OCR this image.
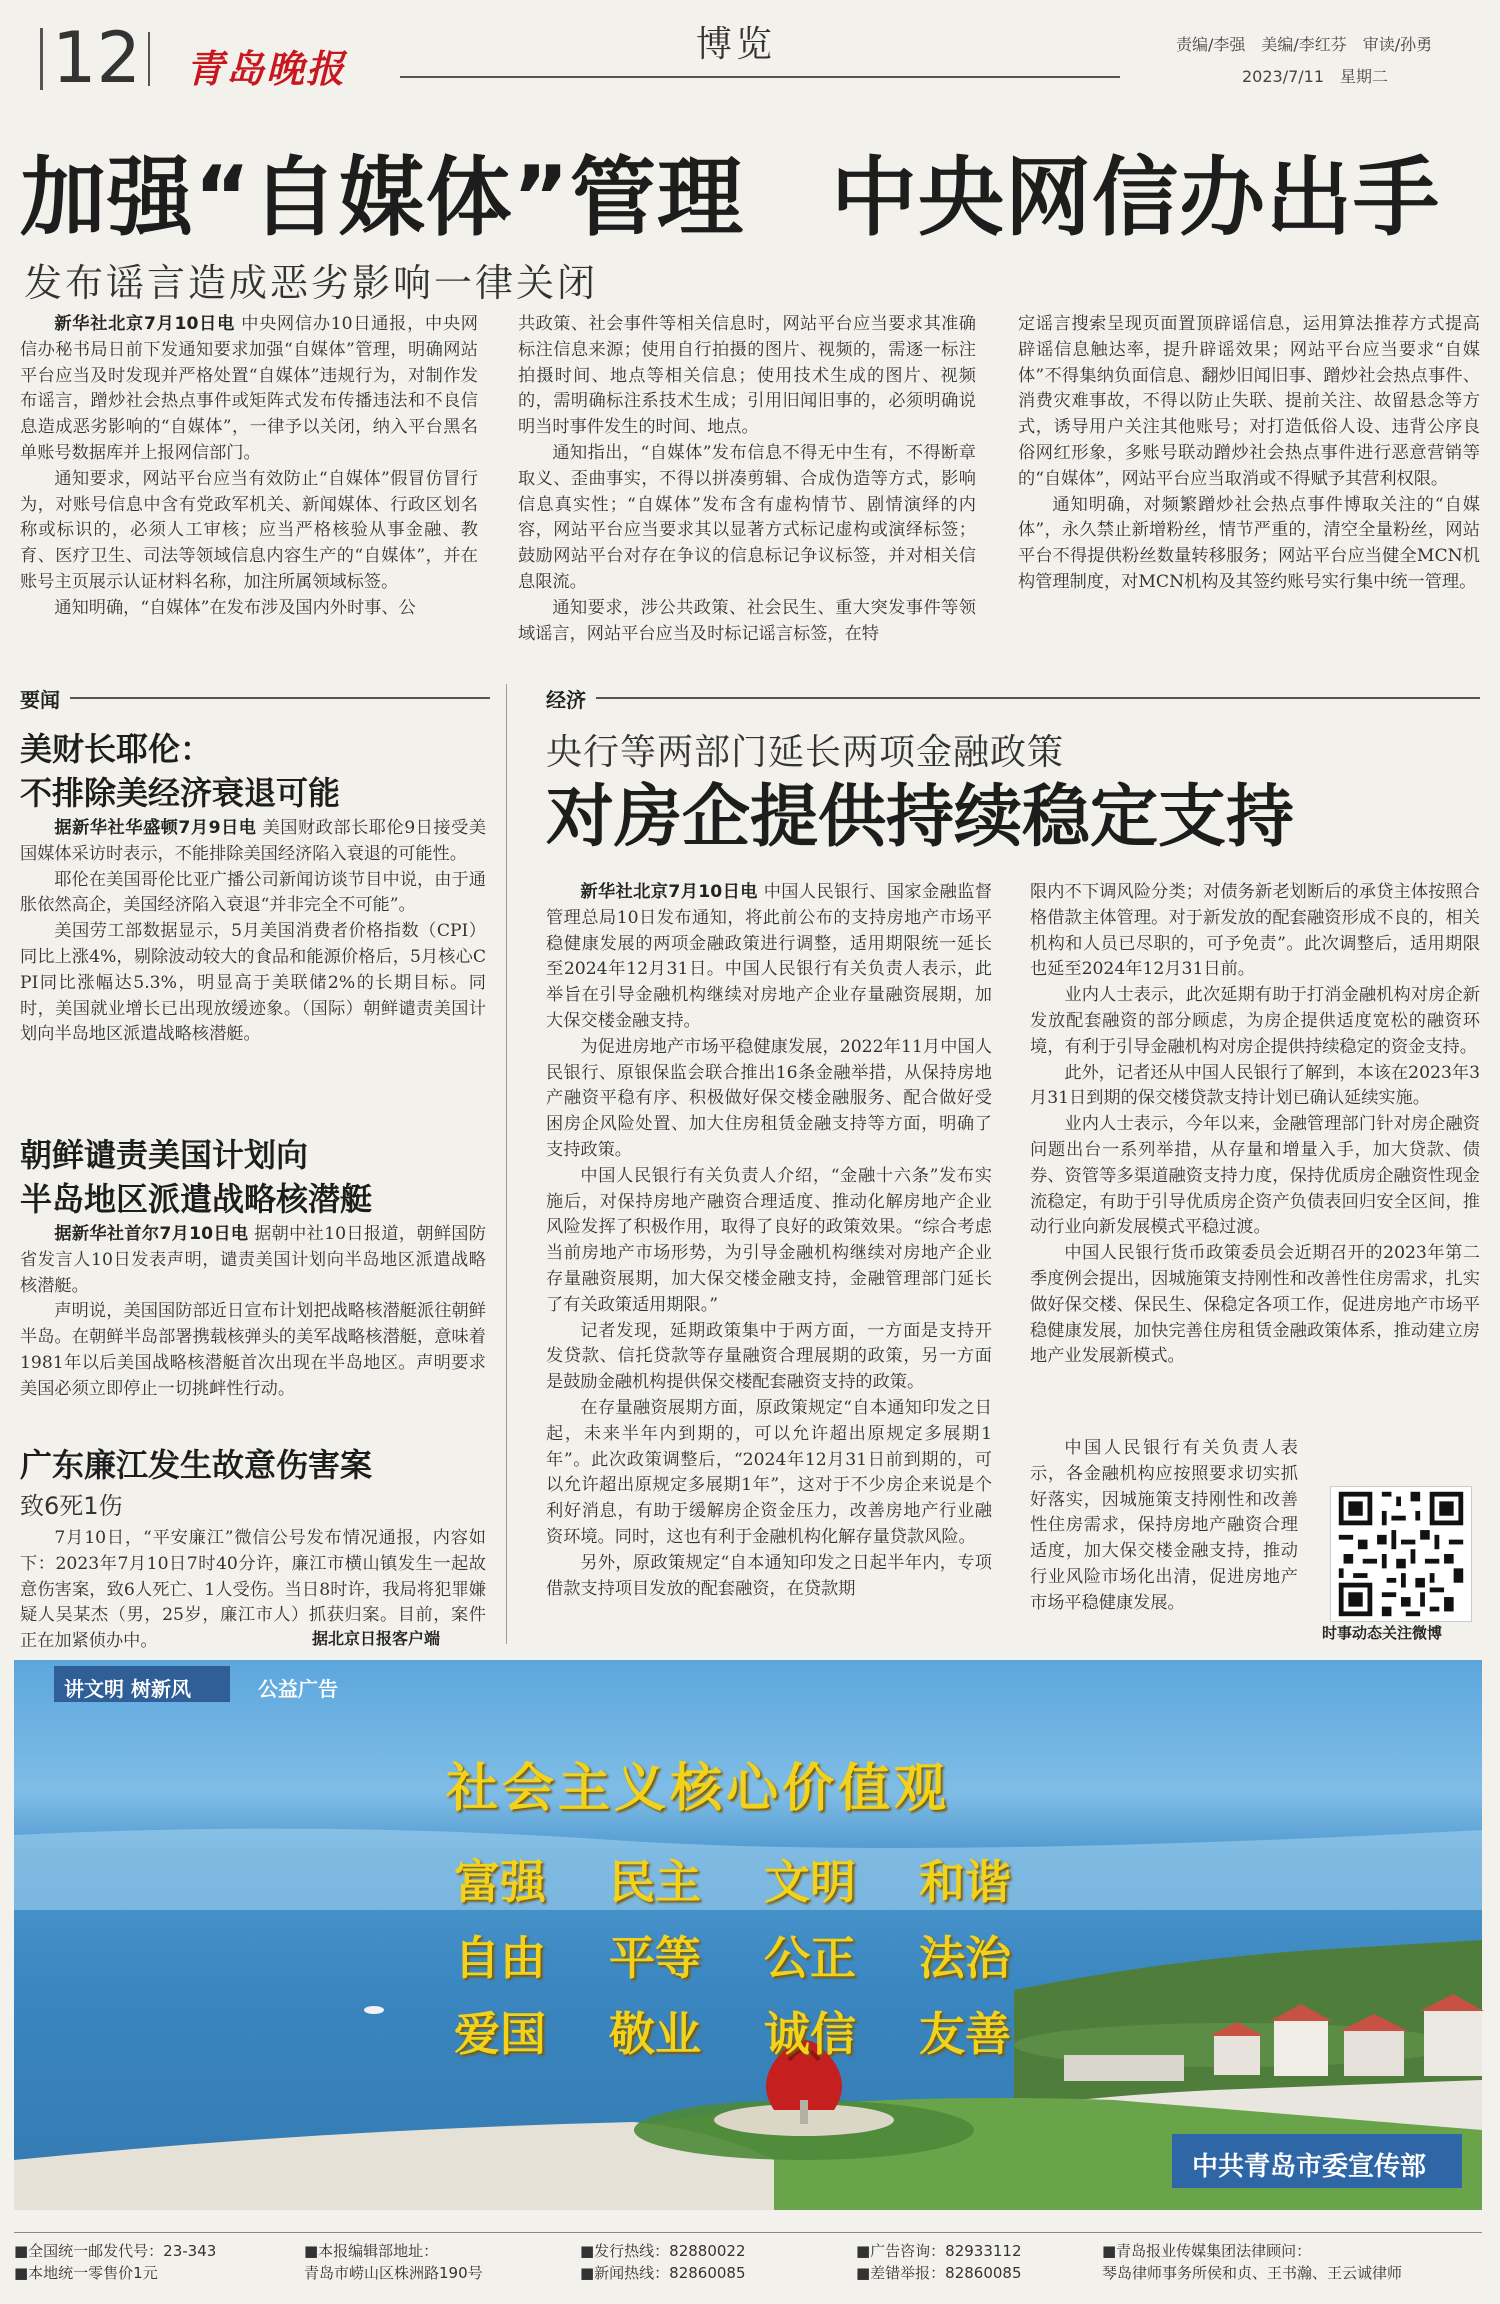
12 青岛晚报
博览	责编/李强　美编/李红芬　审读/孙勇
2023/7/11　星期二
加强“自媒体”管理　中央网信办出手
发布谣言造成恶劣影响一律关闭

新华社北京7月10日电 中央网信办10日通报，中央网信办秘书局日前下发通知要求加强“自媒体”管理，明确网站平台应当及时发现并严格处置“自媒体”违规行为，对制作发布谣言，蹭炒社会热点事件或矩阵式发布传播违法和不良信息造成恶劣影响的“自媒体”，一律予以关闭，纳入平台黑名单账号数据库并上报网信部门。

通知要求，网站平台应当有效防止“自媒体”假冒仿冒行为，对账号信息中含有党政军机关、新闻媒体、行政区划名称或标识的，必须人工审核；应当严格核验从事金融、教育、医疗卫生、司法等领域信息内容生产的“自媒体”，并在账号主页展示认证材料名称，加注所属领域标签。

通知明确，“自媒体”在发布涉及国内外时事、公

共政策、社会事件等相关信息时，网站平台应当要求其准确标注信息来源；使用自行拍摄的图片、视频的，需逐一标注拍摄时间、地点等相关信息；使用技术生成的图片、视频的，需明确标注系技术生成；引用旧闻旧事的，必须明确说明当时事件发生的时间、地点。

通知指出，“自媒体”发布信息不得无中生有，不得断章取义、歪曲事实，不得以拼凑剪辑、合成伪造等方式，影响信息真实性；“自媒体”发布含有虚构情节、剧情演绎的内容，网站平台应当要求其以显著方式标记虚构或演绎标签；鼓励网站平台对存在争议的信息标记争议标签，并对相关信息限流。

通知要求，涉公共政策、社会民生、重大突发事件等领域谣言，网站平台应当及时标记谣言标签，在特

定谣言搜索呈现页面置顶辟谣信息，运用算法推荐方式提高辟谣信息触达率，提升辟谣效果；网站平台应当要求“自媒体”不得集纳负面信息、翻炒旧闻旧事、蹭炒社会热点事件、消费灾难事故，不得以防止失联、提前关注、故留悬念等方式，诱导用户关注其他账号；对打造低俗人设、违背公序良俗网红形象，多账号联动蹭炒社会热点事件进行恶意营销等的“自媒体”，网站平台应当取消或不得赋予其营利权限。

通知明确，对频繁蹭炒社会热点事件博取关注的“自媒体”，永久禁止新增粉丝，情节严重的，清空全量粉丝，网站平台不得提供粉丝数量转移服务；网站平台应当健全MCN机构管理制度，对MCN机构及其签约账号实行集中统一管理。

要闻
美财长耶伦：
不排除美经济衰退可能

据新华社华盛顿7月9日电 美国财政部长耶伦9日接受美国媒体采访时表示，不能排除美国经济陷入衰退的可能性。

耶伦在美国哥伦比亚广播公司新闻访谈节目中说，由于通胀依然高企，美国经济陷入衰退“并非完全不可能”。

美国劳工部数据显示，5月美国消费者价格指数（CPI）同比上涨4%，剔除波动较大的食品和能源价格后，5月核心CPI同比涨幅达5.3%，明显高于美联储2%的长期目标。同时，美国就业增长已出现放缓迹象。（国际）朝鲜谴责美国计划向半岛地区派遣战略核潜艇。

朝鲜谴责美国计划向
半岛地区派遣战略核潜艇

据新华社首尔7月10日电 据朝中社10日报道，朝鲜国防省发言人10日发表声明，谴责美国计划向半岛地区派遣战略核潜艇。

声明说，美国国防部近日宣布计划把战略核潜艇派往朝鲜半岛。在朝鲜半岛部署携载核弹头的美军战略核潜艇，意味着1981年以后美国战略核潜艇首次出现在半岛地区。声明要求美国必须立即停止一切挑衅性行动。

广东廉江发生故意伤害案
致6死1伤

7月10日，“平安廉江”微信公号发布情况通报，内容如下：2023年7月10日7时40分许，廉江市横山镇发生一起故意伤害案，致6人死亡、1人受伤。当日8时许，我局将犯罪嫌疑人吴某杰（男，25岁，廉江市人）抓获归案。目前，案件正在加紧侦办中。	据北京日报客户端
经济
央行等两部门延长两项金融政策
对房企提供持续稳定支持

新华社北京7月10日电 中国人民银行、国家金融监督管理总局10日发布通知，将此前公布的支持房地产市场平稳健康发展的两项金融政策进行调整，适用期限统一延长至2024年12月31日。中国人民银行有关负责人表示，此举旨在引导金融机构继续对房地产企业存量融资展期，加大保交楼金融支持。

为促进房地产市场平稳健康发展，2022年11月中国人民银行、原银保监会联合推出16条金融举措，从保持房地产融资平稳有序、积极做好保交楼金融服务、配合做好受困房企风险处置、加大住房租赁金融支持等方面，明确了支持政策。

中国人民银行有关负责人介绍，“金融十六条”发布实施后，对保持房地产融资合理适度、推动化解房地产企业风险发挥了积极作用，取得了良好的政策效果。“综合考虑当前房地产市场形势，为引导金融机构继续对房地产企业存量融资展期，加大保交楼金融支持，金融管理部门延长了有关政策适用期限。”

记者发现，延期政策集中于两方面，一方面是支持开发贷款、信托贷款等存量融资合理展期的政策，另一方面是鼓励金融机构提供保交楼配套融资支持的政策。

在存量融资展期方面，原政策规定“自本通知印发之日起，未来半年内到期的，可以允许超出原规定多展期1年”。此次政策调整后，“2024年12月31日前到期的，可以允许超出原规定多展期1年”，这对于不少房企来说是个利好消息，有助于缓解房企资金压力，改善房地产行业融资环境。同时，这也有利于金融机构化解存量贷款风险。

另外，原政策规定“自本通知印发之日起半年内，专项借款支持项目发放的配套融资，在贷款期

限内不下调风险分类；对债务新老划断后的承贷主体按照合格借款主体管理。对于新发放的配套融资形成不良的，相关机构和人员已尽职的，可予免责”。此次调整后，适用期限也延至2024年12月31日前。

业内人士表示，此次延期有助于打消金融机构对房企新发放配套融资的部分顾虑，为房企提供适度宽松的融资环境，有利于引导金融机构对房企提供持续稳定的资金支持。

此外，记者还从中国人民银行了解到，本该在2023年3月31日到期的保交楼贷款支持计划已确认延续实施。

业内人士表示，今年以来，金融管理部门针对房企融资问题出台一系列举措，从存量和增量入手，加大贷款、债券、资管等多渠道融资支持力度，保持优质房企融资性现金流稳定，有助于引导优质房企资产负债表回归安全区间，推动行业向新发展模式平稳过渡。

中国人民银行货币政策委员会近期召开的2023年第二季度例会提出，因城施策支持刚性和改善性住房需求，扎实做好保交楼、保民生、保稳定各项工作，促进房地产市场平稳健康发展，加快完善住房租赁金融政策体系，推动建立房地产业发展新模式。

中国人民银行有关负责人表示，各金融机构应按照要求切实抓好落实，因城施策支持刚性和改善性住房需求，保持房地产融资合理适度，加大保交楼金融支持，推动行业风险市场化出清，促进房地产市场平稳健康发展。

时事动态关注微博
讲文明 树新风	公益广告
社会主义核心价值观
富强	民主	文明	和谐
自由	平等	公正	法治
爱国	敬业	诚信	友善
中共青岛市委宣传部
■全国统一邮发代号：23-343
■本地统一零售价1元
■本报编辑部地址：
青岛市崂山区株洲路190号
■发行热线：82880022
■新闻热线：82860085
■广告咨询：82933112
■差错举报：82860085
■青岛报业传媒集团法律顾问：
琴岛律师事务所侯和贞、王书瀚、王云诚律师
